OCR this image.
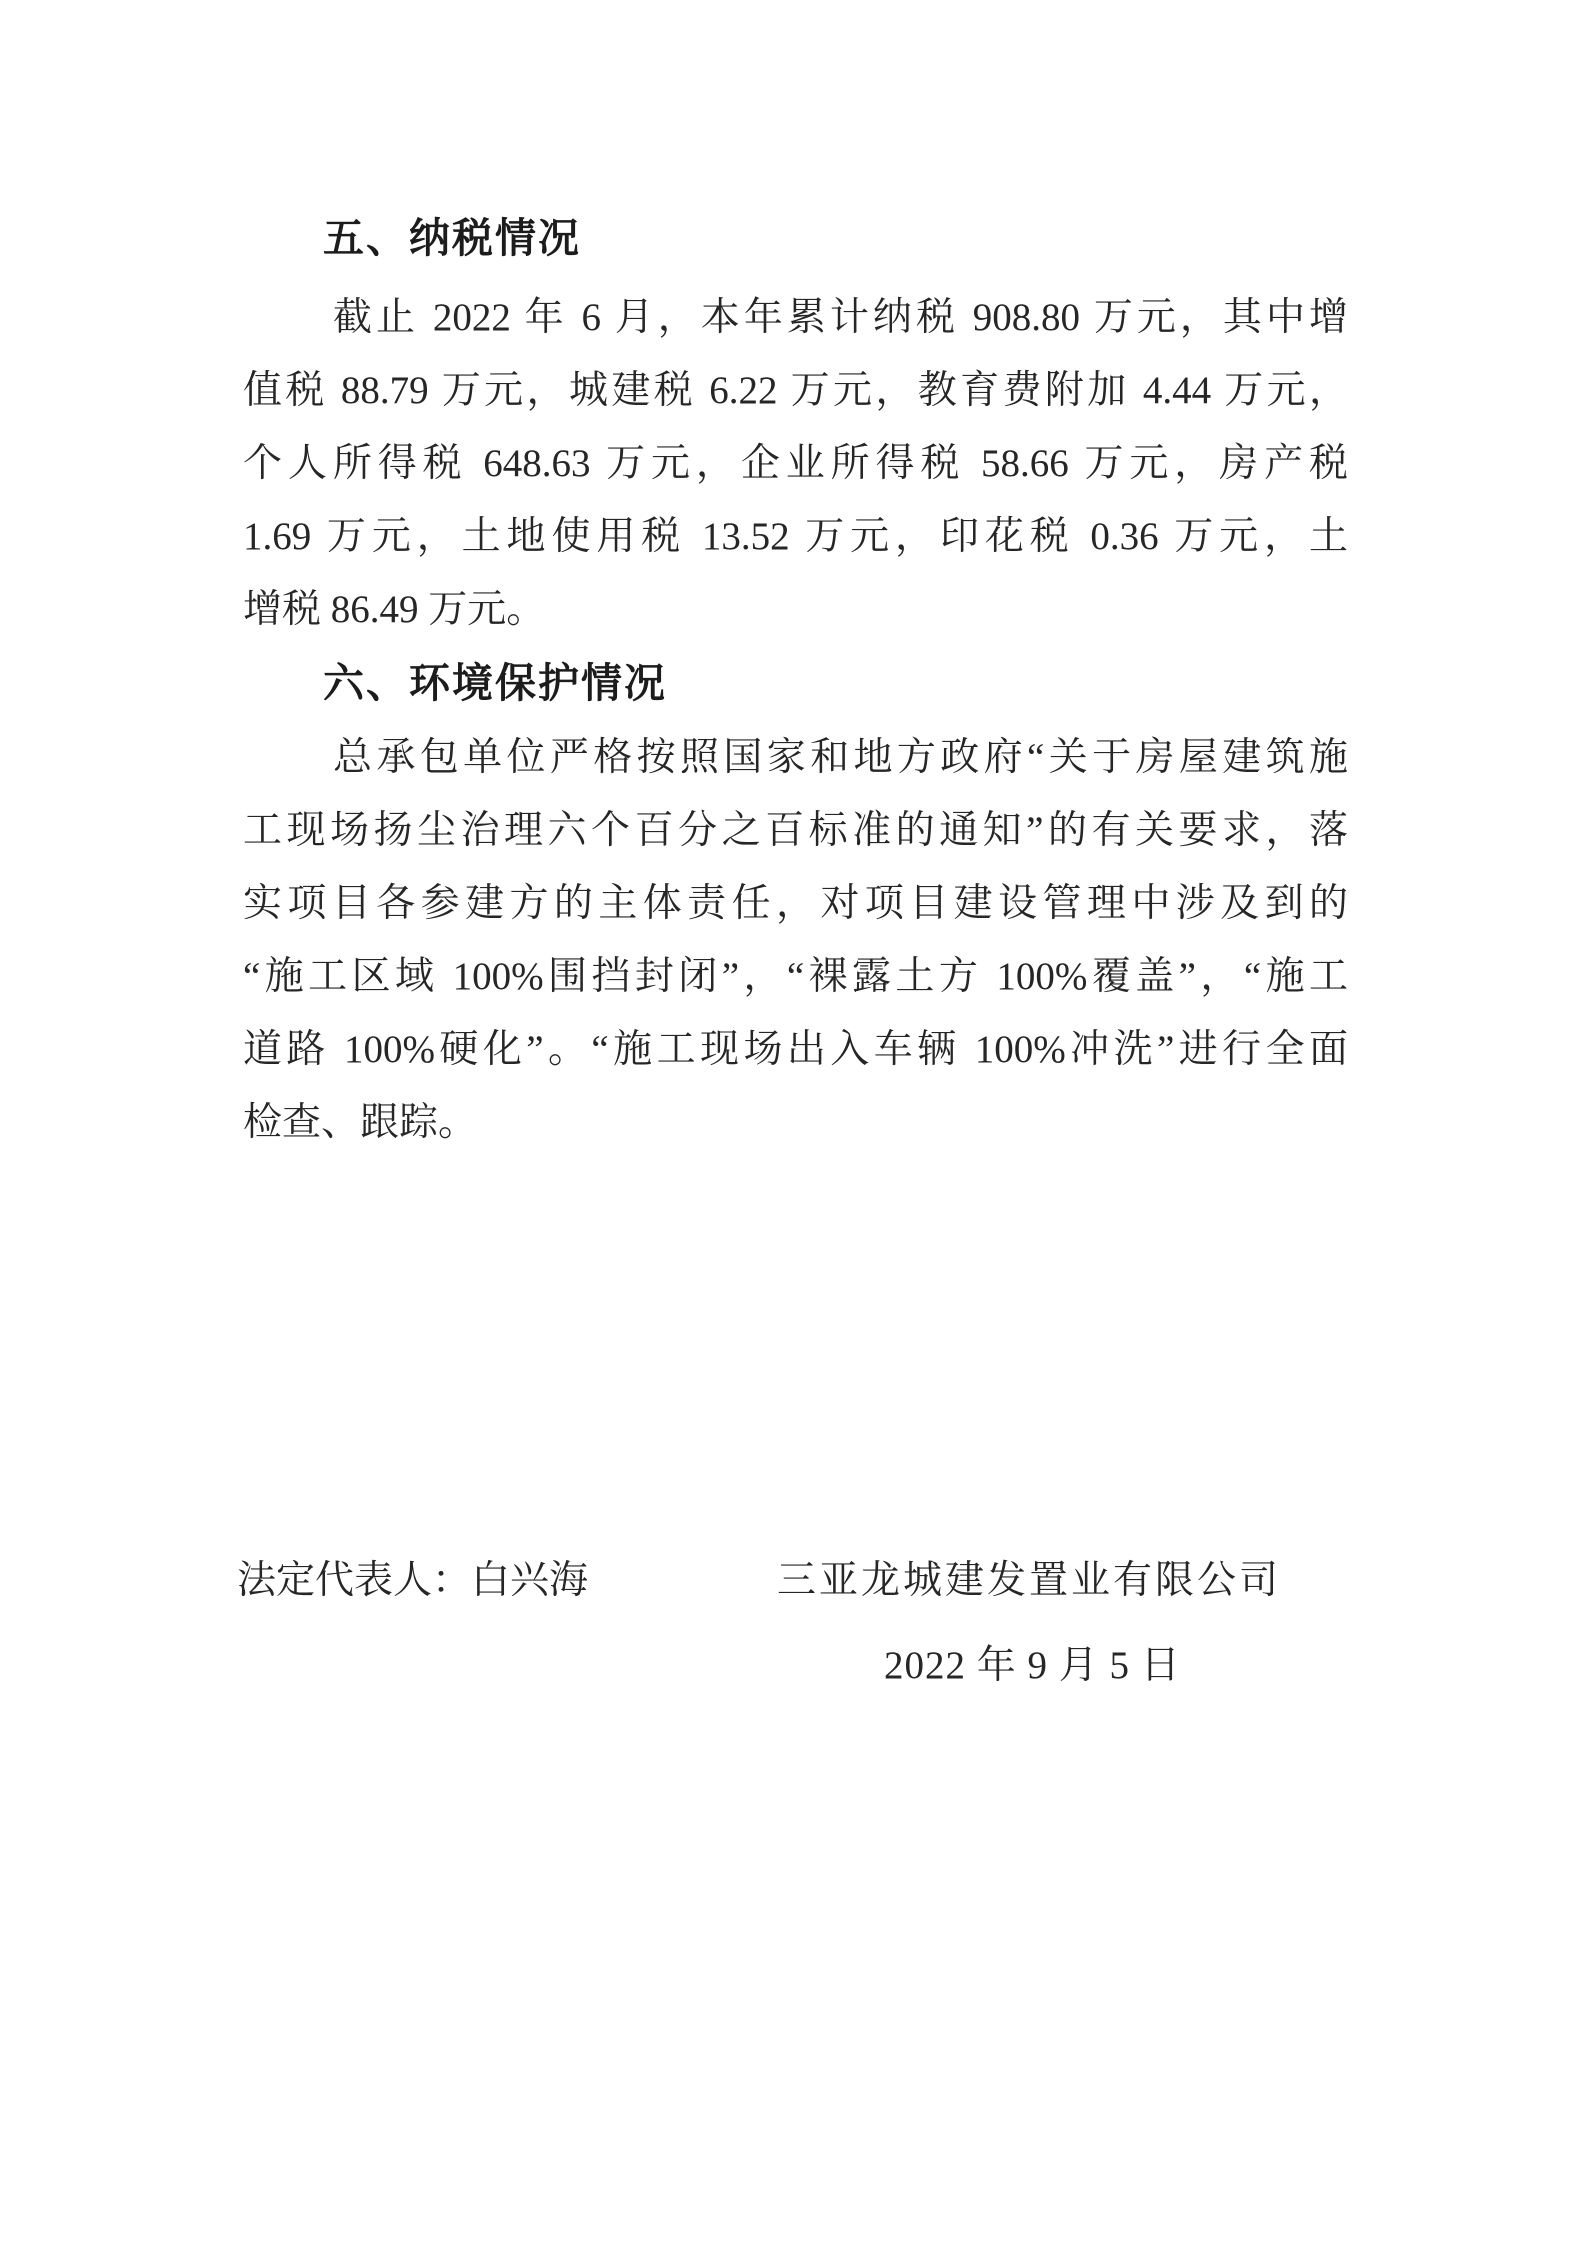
五、纳税情况
截止 2022 年 6 月，本年累计纳税 908.80 万元，其中增
值税 88.79 万元，城建税 6.22 万元，教育费附加 4.44 万元，
个人所得税 648.63 万元，企业所得税 58.66 万元，房产税
1.69 万元，土地使用税 13.52 万元，印花税 0.36 万元，土
增税 86.49 万元。
六、环境保护情况
总承包单位严格按照国家和地方政府“关于房屋建筑施
工现场扬尘治理六个百分之百标准的通知”的有关要求，落
实项目各参建方的主体责任，对项目建设管理中涉及到的
“施工区域 100%围挡封闭”，“裸露土方 100%覆盖”，“施工
道路 100%硬化”。“施工现场出入车辆 100%冲洗”进行全面
检查、跟踪。
法定代表人：白兴海	三亚龙城建发置业有限公司
2022 年 9 月 5 日
